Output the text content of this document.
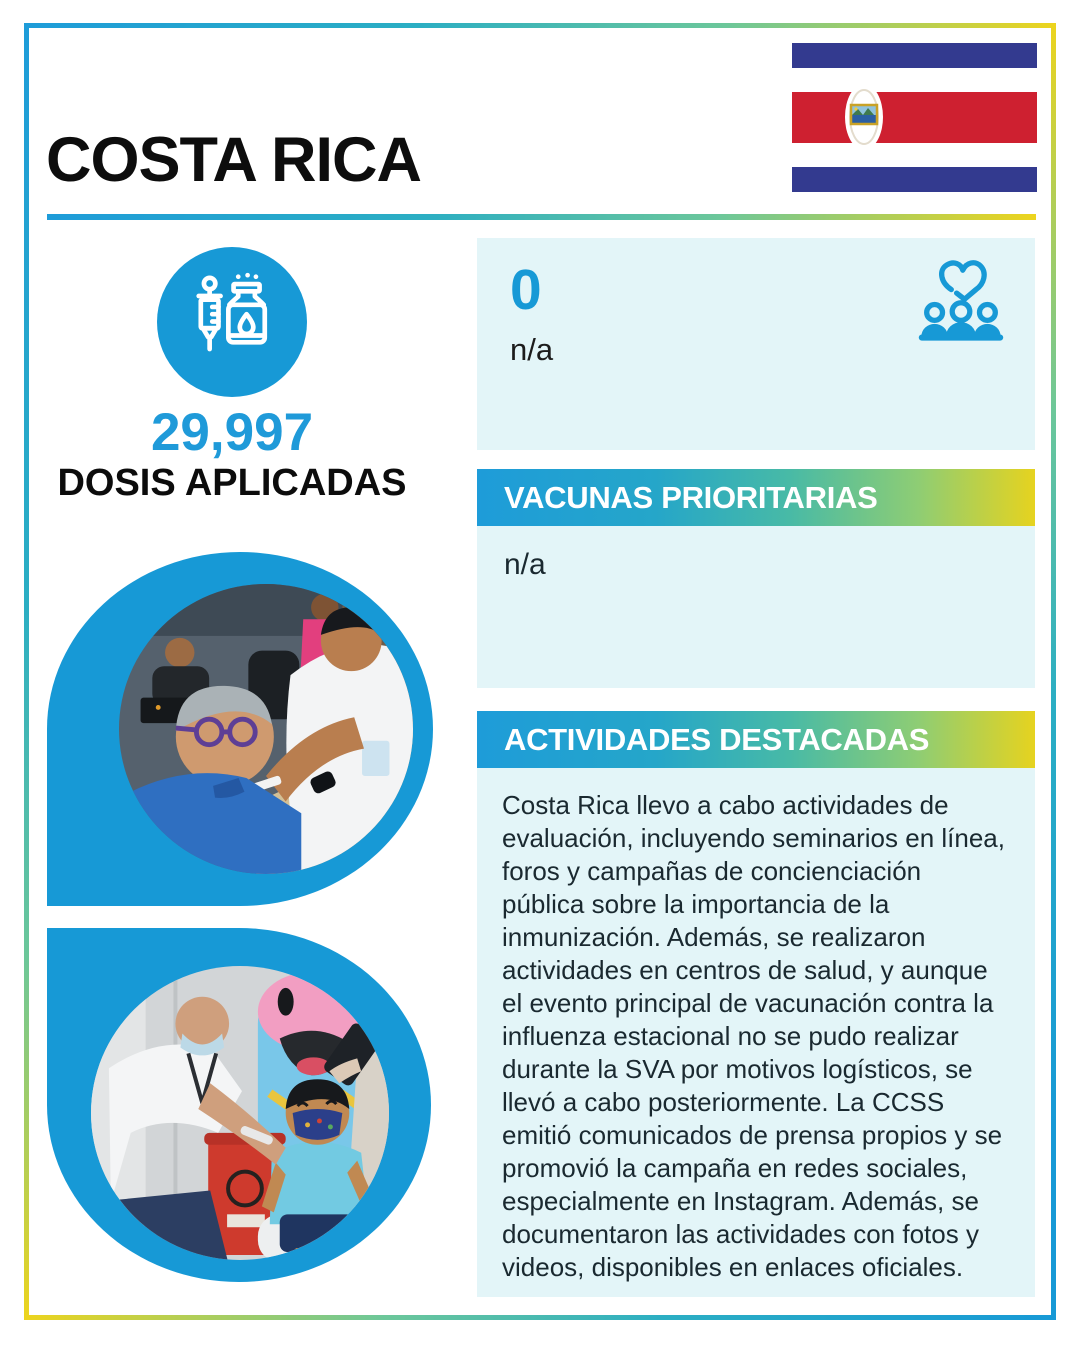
COSTA RICA
29,997
DOSIS APLICADAS
0
n/a
VACUNAS PRIORITARIAS

n/a

ACTIVIDADES DESTACADAS

Costa Rica llevo a cabo actividades de evaluación, incluyendo seminarios en línea, foros y campañas de concienciación pública sobre la importancia de la inmunización. Además, se realizaron actividades en centros de salud, y aunque el evento principal de vacunación contra la influenza estacional no se pudo realizar durante la SVA por motivos logísticos, se llevó a cabo posteriormente. La CCSS emitió comunicados de prensa propios y se promovió la campaña en redes sociales, especialmente en Instagram. Además, se documentaron las actividades con fotos y videos, disponibles en enlaces oficiales.
